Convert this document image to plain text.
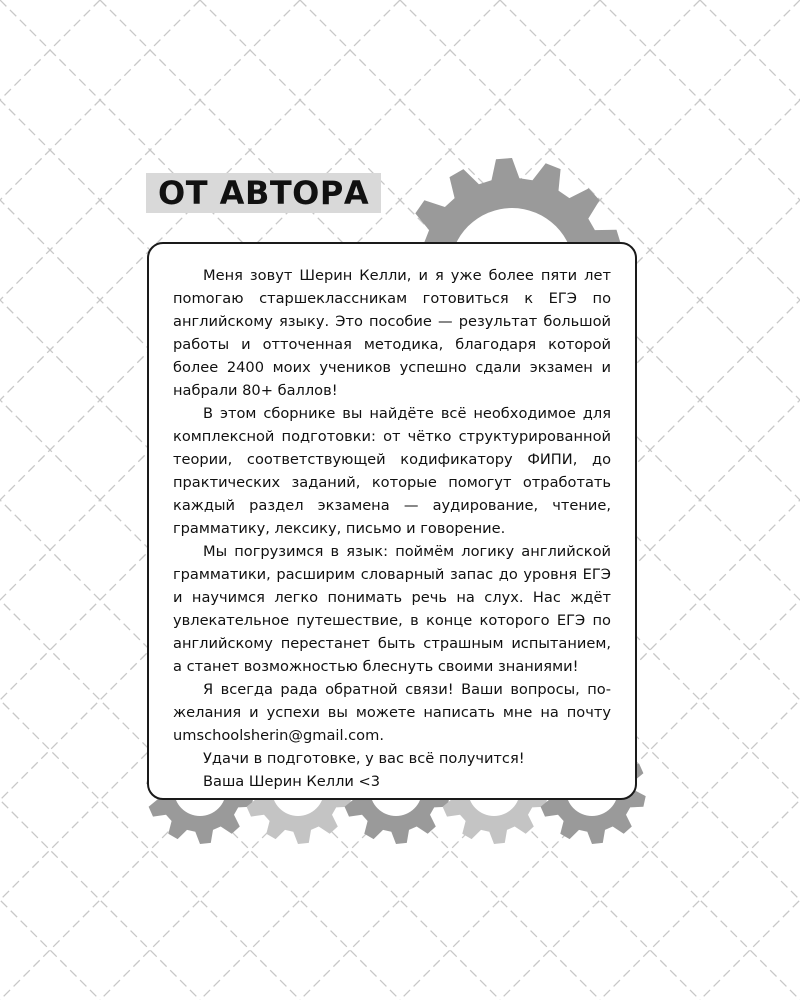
ОТ АВТОРА

Меня зовут Шерин Келли, и я уже более пяти лет поmогаю старшеклассникам готовиться к ЕГЭ по английскому языку. Это пособие — результат большой работы и отточенная методика, благодаря которой более 2400 моих учеников успешно сдали экзамен и набрали 80+ баллов!

В этом сборнике вы найдёте всё необходимое для комплексной подготовки: от чётко структурированной теории, соответствующей кодификатору ФИПИ, до практических заданий, которые помогут отработать каждый раздел экзамена — аудирование, чтение, грамматику, лексику, письмо и говорение.

Мы погрузимся в язык: поймём логику английской грамматики, расширим словарный запас до уровня ЕГЭ и научимся легко понимать речь на слух. Нас ждёт увлекательное путешествие, в конце которого ЕГЭ по английскому перестанет быть страшным испытанием, а станет возможностью блеснуть своими знаниями!

Я всегда рада обратной связи! Ваши вопросы, пожелания и успехи вы можете написать мне на почту umschoolsherin@gmail.com.

Удачи в подготовке, у вас всё получится!

Ваша Шерин Келли <3
